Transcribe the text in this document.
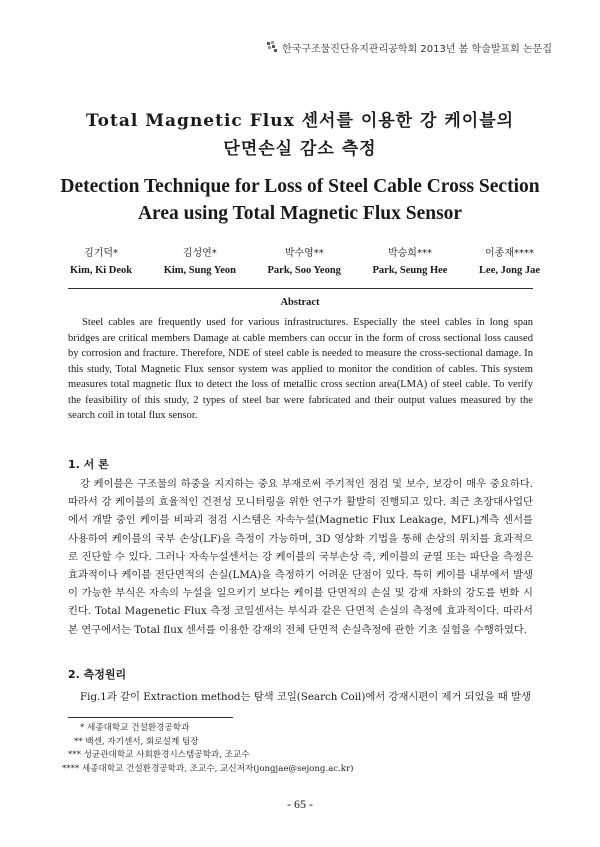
한국구조물진단유지관리공학회 2013년 봄 학술발표회 논문집
Total Magnetic Flux 센서를 이용한 강 케이블의
단면손실 감소 측정
Detection Technique for Loss of Steel Cable Cross Section
Area using Total Magnetic Flux Sensor
김기덕*
Kim, Ki Deok
김성연*
Kim, Sung Yeon
박수영**
Park, Soo Yeong
박승희***
Park, Seung Hee
이종재****
Lee, Jong Jae
Abstract

Steel cables are frequently used for various infrastructures. Especially the steel cables in long span bridges are critical members Damage at cable members can occur in the form of cross sectional loss caused by corrosion and fracture. Therefore, NDE of steel cable is needed to measure the cross-sectional damage. In this study, Total Magnetic Flux sensor system was applied to monitor the condition of cables. This system measures total magnetic flux to detect the loss of metallic cross section area(LMA) of steel cable. To verify the feasibility of this study, 2 types of steel bar were fabricated and their output values measured by the search coil in total flux sensor.

1. 서 론

강 케이블은 구조물의 하중을 지지하는 중요 부재로써 주기적인 점검 및 보수, 보강이 매우 중요하다. 따라서 강 케이블의 효율적인 건전성 모니터링을 위한 연구가 활발히 진행되고 있다. 최근 초장대사업단에서 개발 중인 케이블 비파괴 점검 시스템은 자속누설(Magnetic Flux Leakage, MFL)계측 센서를 사용하여 케이블의 국부 손상(LF)을 측정이 가능하며, 3D 영상화 기법을 통해 손상의 위치를 효과적으로 진단할 수 있다. 그러나 자속누설센서는 강 케이블의 국부손상 즉, 케이블의 균열 또는 파단을 측정은 효과적이나 케이블 전단면적의 손실(LMA)을 측정하기 어려운 단점이 있다. 특히 케이블 내부에서 발생이 가능한 부식은 자속의 누설을 일으키기 보다는 케이블 단면적의 손실 및 강재 자화의 강도를 변화 시킨다. Total Magenetic Flux 측정 코일센서는 부식과 같은 단면적 손실의 측정에 효과적이다. 따라서 본 연구에서는 Total flux 센서를 이용한 강재의 전체 단면적 손실측정에 관한 기초 실험을 수행하였다.

2. 측정원리

Fig.1과 같이 Extraction method는 탐색 코일(Search Coil)에서 강재시편이 제거 되었을 때 발생

* 세종대학교 건설환경공학과
** 백센, 자기센서, 회로설계 팀장
*** 성균관대학교 사회환경시스템공학과, 조교수
**** 세종대학교 건설환경공학과, 조교수, 교신저자(jongjae@sejong.ac.kr)
- 65 -
